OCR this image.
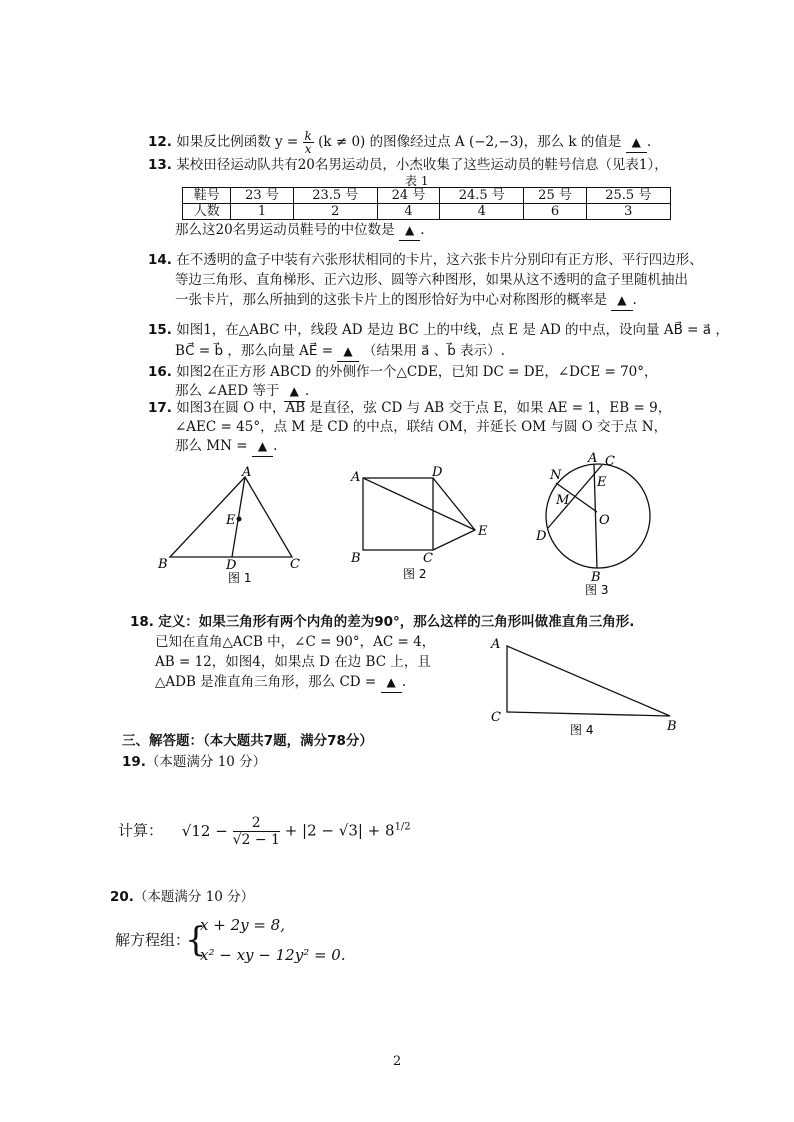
12. 如果反比例函数 $y = \frac{k}{x} (k \ne 0)$ 的图像经过点 A (−2,−3)，那么 k 的值是 ▲ .
13. 某校田径运动队共有20名男运动员，小杰收集了这些运动员的鞋号信息（见表1），
表 1
鞋号	23 号	23.5 号	24 号	24.5 号	25 号	25.5 号
人数	1	2	4	4	6	3
那么这20名男运动员鞋号的中位数是 ▲ .
14. 在不透明的盒子中装有六张形状相同的卡片，这六张卡片分别印有正方形、平行四边形、
等边三角形、直角梯形、正六边形、圆等六种图形，如果从这不透明的盒子里随机抽出
一张卡片，那么所抽到的这张卡片上的图形恰好为中心对称图形的概率是 ▲ .
15. 如图1，在△ABC 中，线段 AD 是边 BC 上的中线，点 E 是 AD 的中点，设向量 AB⃗ = a⃗ ，
BC⃗ = b⃗ ，那么向量 AE⃗ = ▲ （结果用 a⃗ 、b⃗ 表示）.
16. 如图2在正方形 ABCD 的外侧作一个△CDE，已知 DC = DE，∠DCE = 70°，
那么 ∠AED 等于 ▲ .
17. 如图3在圆 O 中，AB 是直径，弦 CD 与 AB 交于点 E，如果 AE = 1，EB = 9，
∠AEC = 45°，点 M 是 CD 的中点，联结 OM，并延长 OM 与圆 O 交于点 N，
那么 MN = ▲ .
A
E
B	D	C
图 1
A	D
E
B	C
图 2
A C
N
M
E
O
D
B
图 3
18. 定义：如果三角形有两个内角的差为90°，那么这样的三角形叫做准直角三角形.
已知在直角△ACB 中，∠C = 90°，AC = 4，
AB = 12，如图4，如果点 D 在边 BC 上，且
△ADB 是准直角三角形，那么 CD = ▲ .
A
C
B
图 4
三、解答题：（本大题共7题，满分78分）
19.（本题满分 10 分）
计算： $√12 - \frac{2}{√2 - 1} + |2 - √3| + 8^{1/2}$
20.（本题满分 10 分）
解方程组：
{
x + 2y = 8,
x² − xy − 12y² = 0.
2
